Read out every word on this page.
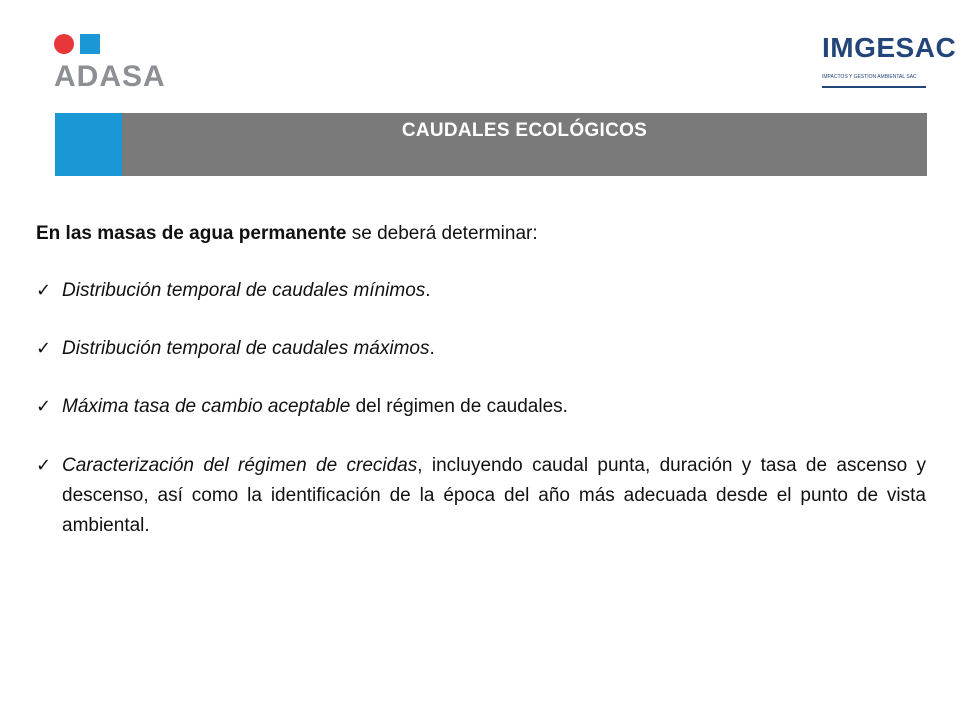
ADASA
IMGESAC
IMPACTOS Y GESTIÓN AMBIENTAL SAC
CAUDALES ECOLÓGICOS

En las masas de agua permanente se deberá determinar:

✓ Distribución temporal de caudales mínimos.
✓ Distribución temporal de caudales máximos.
✓ Máxima tasa de cambio aceptable del régimen de caudales.
✓ Caracterización del régimen de crecidas, incluyendo caudal punta, duración y tasa de ascenso y descenso, así como la identificación de la época del año más adecuada desde el punto de vista ambiental.
